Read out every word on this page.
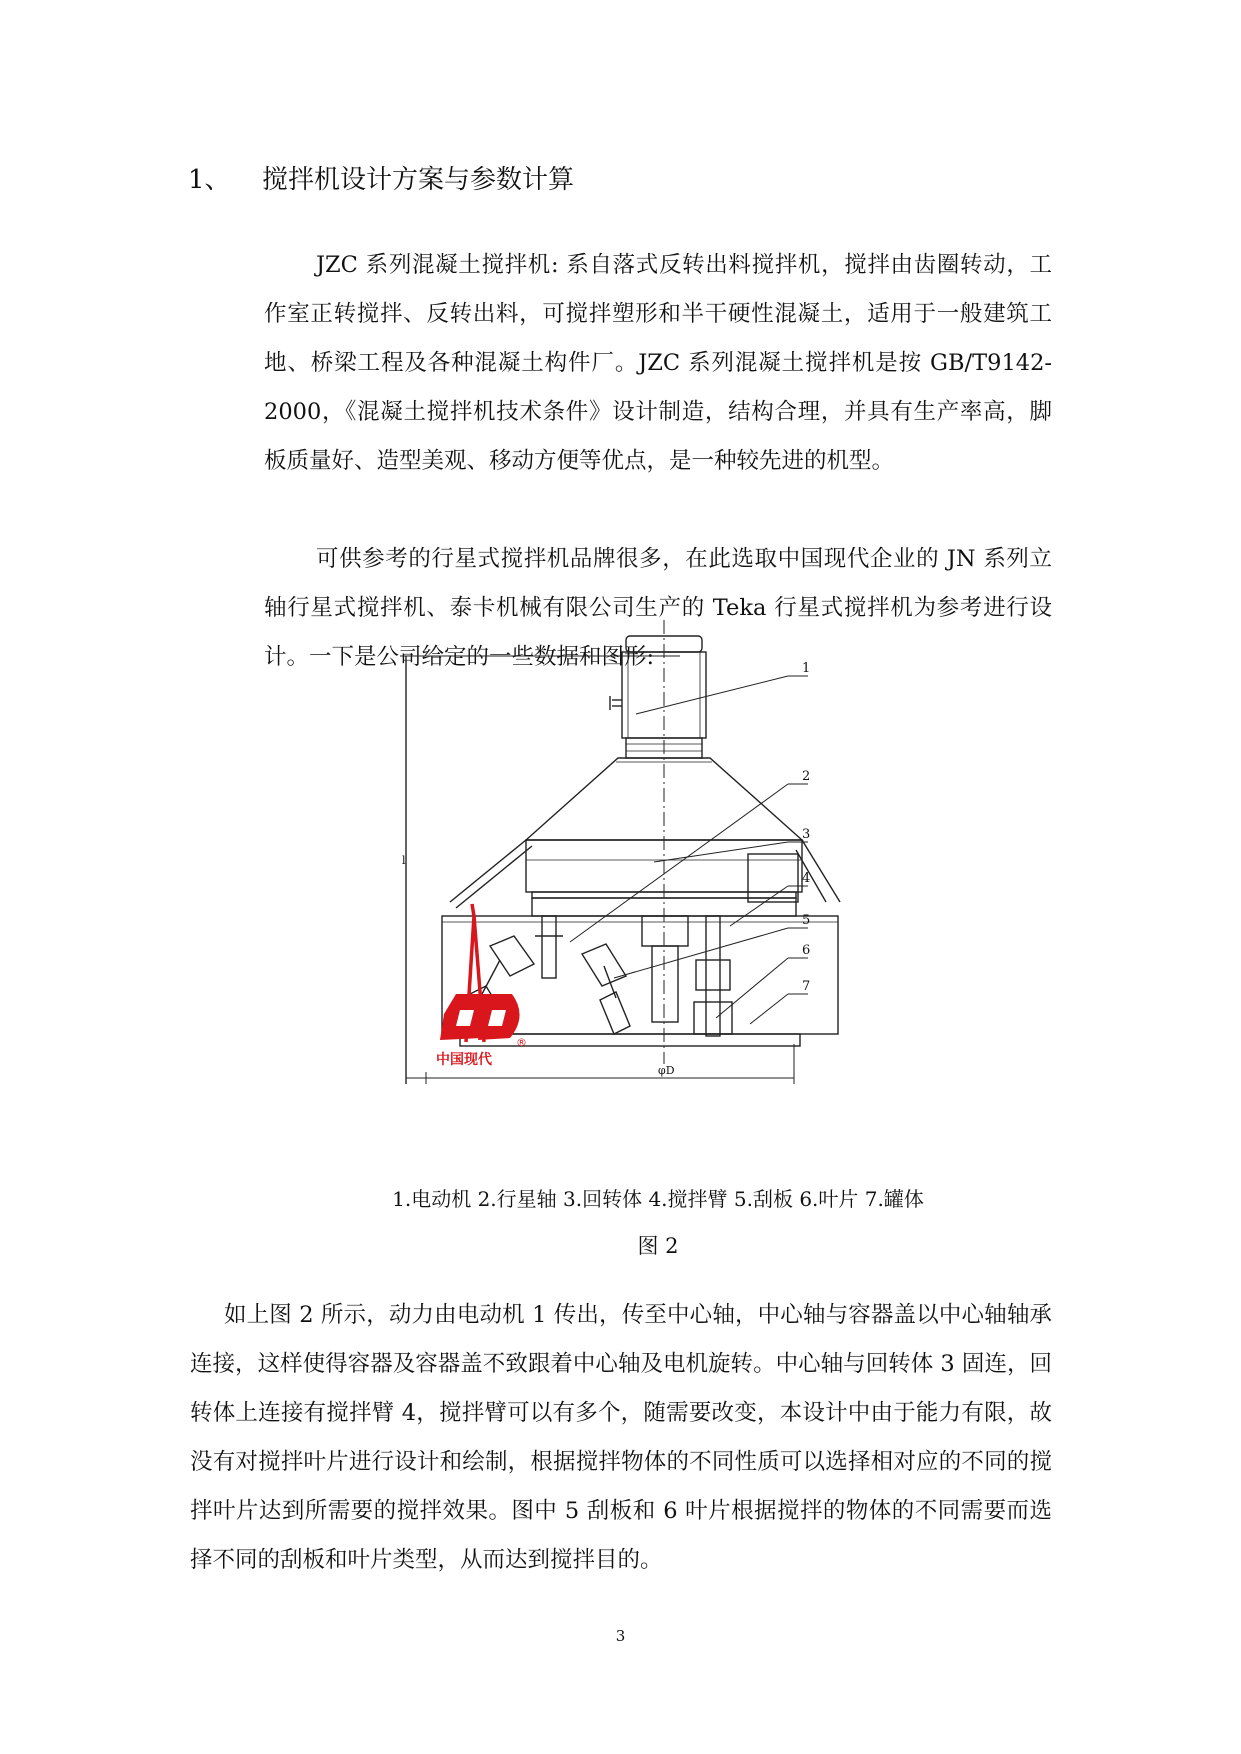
1、 搅拌机设计方案与参数计算

JZC 系列混凝土搅拌机: 系自落式反转出料搅拌机，搅拌由齿圈转动，工作室正转搅拌、反转出料，可搅拌塑形和半干硬性混凝土，适用于一般建筑工地、桥梁工程及各种混凝土构件厂。JZC 系列混凝土搅拌机是按 GB/T9142-2000，《混凝土搅拌机技术条件》设计制造，结构合理，并具有生产率高，脚板质量好、造型美观、移动方便等优点，是一种较先进的机型。

可供参考的行星式搅拌机品牌很多，在此选取中国现代企业的 JN 系列立轴行星式搅拌机、泰卡机械有限公司生产的 Teka 行星式搅拌机为参考进行设计。一下是公司给定的一些数据和图形:	1
2
3
4
5
6
7
l
φD
中国现代
®
1.电动机 2.行星轴 3.回转体 4.搅拌臂 5.刮板 6.叶片 7.罐体
图 2

如上图 2 所示，动力由电动机 1 传出，传至中心轴，中心轴与容器盖以中心轴轴承连接，这样使得容器及容器盖不致跟着中心轴及电机旋转。中心轴与回转体 3 固连，回转体上连接有搅拌臂 4，搅拌臂可以有多个，随需要改变，本设计中由于能力有限，故没有对搅拌叶片进行设计和绘制，根据搅拌物体的不同性质可以选择相对应的不同的搅拌叶片达到所需要的搅拌效果。图中 5 刮板和 6 叶片根据搅拌的物体的不同需要而选择不同的刮板和叶片类型，从而达到搅拌目的。

3
